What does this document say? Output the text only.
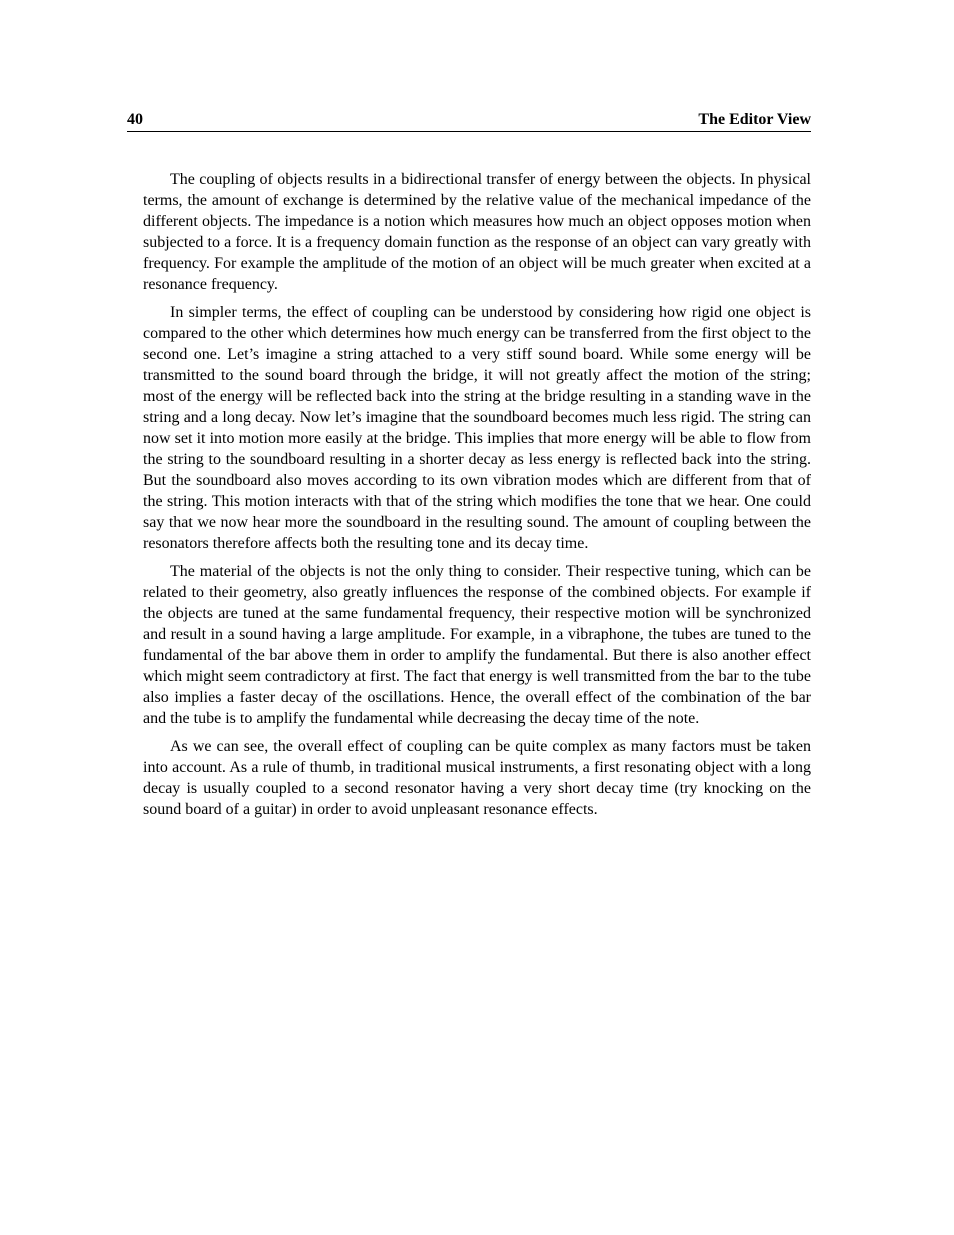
40	The Editor View

The coupling of objects results in a bidirectional transfer of energy between the objects. In physical terms, the amount of exchange is determined by the relative value of the mechanical impedance of the different objects. The impedance is a notion which measures how much an object opposes motion when subjected to a force. It is a frequency domain function as the response of an object can vary greatly with frequency. For example the amplitude of the motion of an object will be much greater when excited at a resonance frequency.

In simpler terms, the effect of coupling can be understood by considering how rigid one object is compared to the other which determines how much energy can be transferred from the first object to the second one. Let’s imagine a string attached to a very stiff sound board. While some energy will be transmitted to the sound board through the bridge, it will not greatly affect the motion of the string; most of the energy will be reflected back into the string at the bridge resulting in a standing wave in the string and a long decay. Now let’s imagine that the soundboard becomes much less rigid. The string can now set it into motion more easily at the bridge. This implies that more energy will be able to flow from the string to the soundboard resulting in a shorter decay as less energy is reflected back into the string. But the soundboard also moves according to its own vibration modes which are different from that of the string. This motion interacts with that of the string which modifies the tone that we hear. One could say that we now hear more the soundboard in the resulting sound. The amount of coupling between the resonators therefore affects both the resulting tone and its decay time.

The material of the objects is not the only thing to consider. Their respective tuning, which can be related to their geometry, also greatly influences the response of the combined objects. For example if the objects are tuned at the same fundamental frequency, their respective motion will be synchronized and result in a sound having a large amplitude. For example, in a vibraphone, the tubes are tuned to the fundamental of the bar above them in order to amplify the fundamental. But there is also another effect which might seem contradictory at first. The fact that energy is well transmitted from the bar to the tube also implies a faster decay of the oscillations. Hence, the overall effect of the combination of the bar and the tube is to amplify the fundamental while decreasing the decay time of the note.

As we can see, the overall effect of coupling can be quite complex as many factors must be taken into account. As a rule of thumb, in traditional musical instruments, a first resonating object with a long decay is usually coupled to a second resonator having a very short decay time (try knocking on the sound board of a guitar) in order to avoid unpleasant resonance effects.
